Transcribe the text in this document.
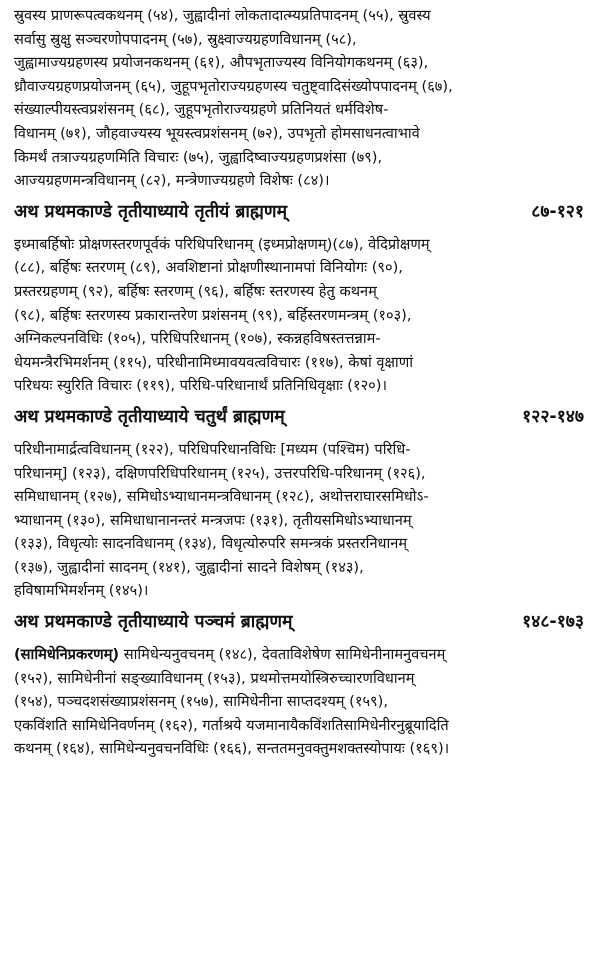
स्रुवस्य प्राणरूपत्वकथनम् (५४), जुह्वादीनां लोकतादात्म्यप्रतिपादनम् (५५), स्रुवस्य
सर्वासु स्रुक्षु सञ्चरणोपपादनम् (५७), स्रुक्ष्वाज्यग्रहणविधानम् (५८),
जुह्वामाज्यग्रहणस्य प्रयोजनकथनम् (६१), औपभृताज्यस्य विनियोगकथनम् (६३),
ध्रौवाज्यग्रहणप्रयोजनम् (६५), जुहूपभृतोराज्यग्रहणस्य चतुष्ट्वादिसंख्योपपादनम् (६७),
संख्याल्पीयस्त्वप्रशंसनम् (६८), जुहूपभृतोराज्यग्रहणे प्रतिनियतं धर्मविशेष-
विधानम् (७१), जौहवाज्यस्य भूयस्त्वप्रशंसनम् (७२), उपभृतो होमसाधनत्वाभावे
किमर्थं तत्राज्यग्रहणमिति विचारः (७५), जुह्वादिष्वाज्यग्रहणप्रशंसा (७९),
आज्यग्रहणमन्त्रविधानम् (८२), मन्त्रेणाज्यग्रहणे विशेषः (८४)।
अथ प्रथमकाण्डे तृतीयाध्याये तृतीयं ब्राह्मणम्	८७-१२१
इध्माबर्हिषोः प्रोक्षणस्तरणपूर्वकं परिधिपरिधानम् (इध्मप्रोक्षणम्)(८७), वेदिप्रोक्षणम्
(८८), बर्हिषः स्तरणम् (८९), अवशिष्टानां प्रोक्षणीस्थानामपां विनियोगः (९०),
प्रस्तरग्रहणम् (९२), बर्हिषः स्तरणम् (९६), बर्हिषः स्तरणस्य हेतु कथनम्
(९८), बर्हिषः स्तरणस्य प्रकारान्तरेण प्रशंसनम् (९९), बर्हिस्तरणमन्त्रम् (१०३),
अग्निकल्पनविधिः (१०५), परिधिपरिधानम् (१०७), स्कन्नहविषस्तत्तन्नाम-
धेयमन्त्रैरभिमर्शनम् (११५), परिधीनामिध्मावयवत्वविचारः (११७), केषां वृक्षाणां
परिधयः स्युरिति विचारः (११९), परिधि-परिधानार्थं प्रतिनिधिवृक्षाः (१२०)।
अथ प्रथमकाण्डे तृतीयाध्याये चतुर्थं ब्राह्मणम्	१२२-१४७
परिधीनामार्द्रत्वविधानम् (१२२), परिधिपरिधानविधिः [मध्यम (पश्चिम) परिधि-
परिधानम्] (१२३), दक्षिणपरिधिपरिधानम् (१२५), उत्तरपरिधि-परिधानम् (१२६),
समिधाधानम् (१२७), समिधोऽभ्याधानमन्त्रविधानम् (१२८), अथोत्तराघारसमिधोऽ-
भ्याधानम् (१३०), समिधाधानानन्तरं मन्त्रजपः (१३१), तृतीयसमिधोऽभ्याधानम्
(१३३), विधृत्योः सादनविधानम् (१३४), विधृत्योरुपरि समन्त्रकं प्रस्तरनिधानम्
(१३७), जुह्वादीनां सादनम् (१४१), जुह्वादीनां सादने विशेषम् (१४३),
हविषामभिमर्शनम् (१४५)।
अथ प्रथमकाण्डे तृतीयाध्याये पञ्चमं ब्राह्मणम्	१४८-१७३
(सामिधेनिप्रकरणम्) सामिधेन्यनुवचनम् (१४८), देवताविशेषेण सामिधेनीनामनुवचनम्
(१५२), सामिधेनीनां सङ्ख्याविधानम् (१५३), प्रथमोत्तमयोस्त्रिरुच्चारणविधानम्
(१५४), पञ्चदशसंख्याप्रशंसनम् (१५७), सामिधेनीना साप्तदश्यम् (१५९),
एकविंशति सामिधेनिवर्णनम् (१६२), गर्ताश्रये यजमानायैकविंशतिसामिधेनीरनुब्रूयादिति
कथनम् (१६४), सामिधेन्यनुवचनविधिः (१६६), सन्ततमनुवक्तुमशक्तस्योपायः (१६९)।
